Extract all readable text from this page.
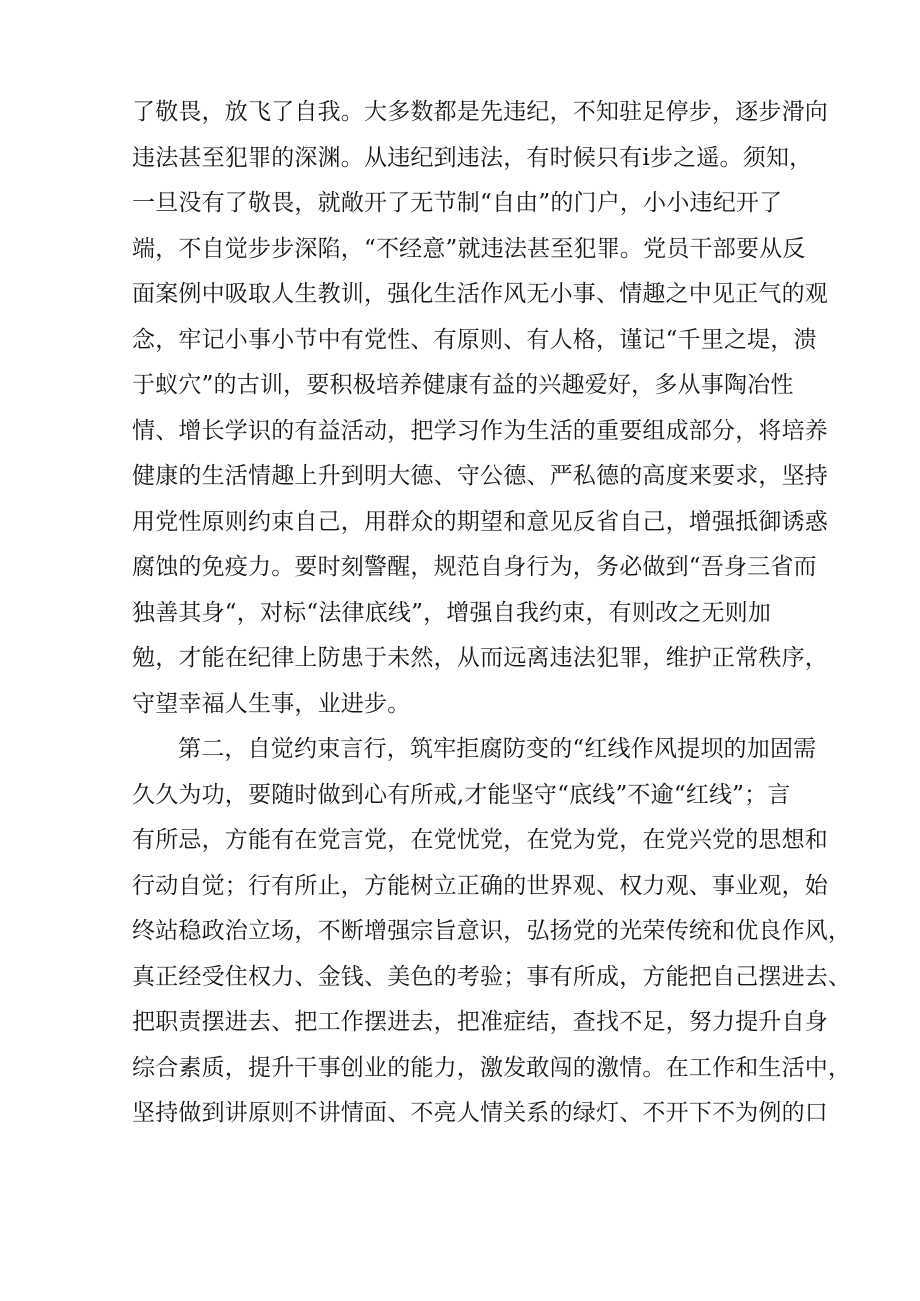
了敬畏，放飞了自我。大多数都是先违纪，不知驻足停步，逐步滑向
违法甚至犯罪的深渊。从违纪到违法，有时候只有i步之遥。须知，
一旦没有了敬畏，就敞开了无节制“自由”的门户，小小违纪开了
端，不自觉步步深陷，“不经意”就违法甚至犯罪。党员干部要从反
面案例中吸取人生教训，强化生活作风无小事、情趣之中见正气的观
念，牢记小事小节中有党性、有原则、有人格，谨记“千里之堤，溃
于蚁穴”的古训，要积极培养健康有益的兴趣爱好，多从事陶冶性
情、增长学识的有益活动，把学习作为生活的重要组成部分，将培养
健康的生活情趣上升到明大德、守公德、严私德的高度来要求，坚持
用党性原则约束自己，用群众的期望和意见反省自己，增强抵御诱惑
腐蚀的免疫力。要时刻警醒，规范自身行为，务必做到“吾身三省而
独善其身“，对标“法律底线”，增强自我约束，有则改之无则加
勉，才能在纪律上防患于未然，从而远离违法犯罪，维护正常秩序，
守望幸福人生事，业进步。
第二，自觉约束言行，筑牢拒腐防变的“红线作风提坝的加固需
久久为功，要随时做到心有所戒,才能坚守“底线”不逾“红线”；言
有所忌，方能有在党言党，在党忧党，在党为党，在党兴党的思想和
行动自觉；行有所止，方能树立正确的世界观、权力观、事业观，始
终站稳政治立场，不断增强宗旨意识，弘扬党的光荣传统和优良作风，
真正经受住权力、金钱、美色的考验；事有所成，方能把自己摆进去、
把职责摆进去、把工作摆进去，把准症结，查找不足，努力提升自身
综合素质，提升干事创业的能力，激发敢闯的激情。在工作和生活中，
坚持做到讲原则不讲情面、不亮人情关系的绿灯、不开下不为例的口
